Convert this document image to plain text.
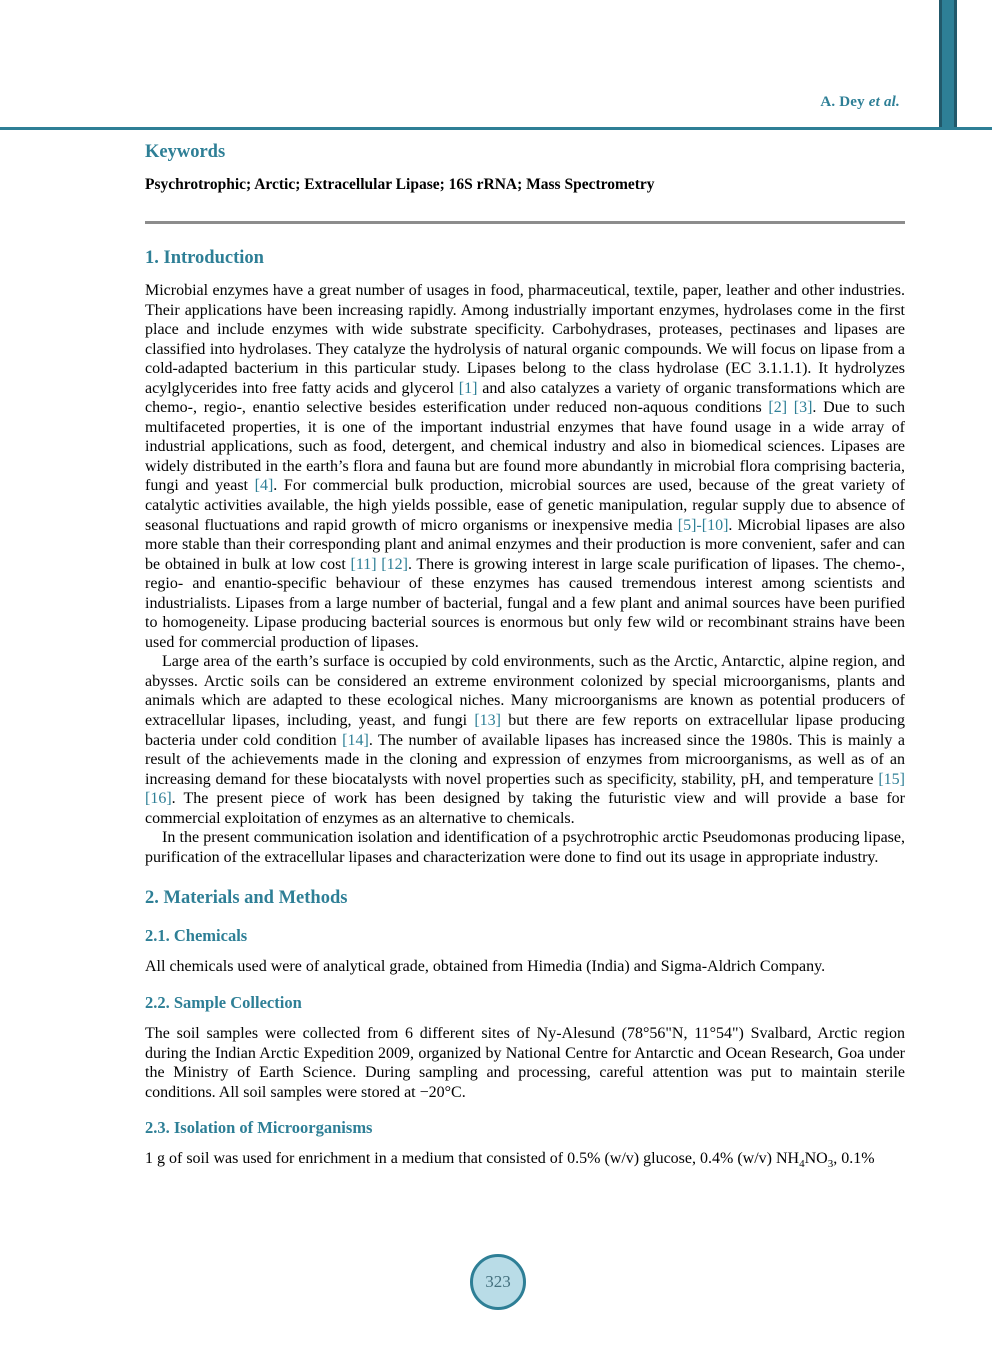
A. Dey et al.
Keywords

Psychrotrophic; Arctic; Extracellular Lipase; 16S rRNA; Mass Spectrometry

1. Introduction

Microbial enzymes have a great number of usages in food, pharmaceutical, textile, paper, leather and other industries. Their applications have been increasing rapidly. Among industrially important enzymes, hydrolases come in the first place and include enzymes with wide substrate specificity. Carbohydrases, proteases, pectinases and lipases are classified into hydrolases. They catalyze the hydrolysis of natural organic compounds. We will focus on lipase from a cold-adapted bacterium in this particular study. Lipases belong to the class hydrolase (EC 3.1.1.1). It hydrolyzes acylglycerides into free fatty acids and glycerol [1] and also catalyzes a variety of organic transformations which are chemo-, regio-, enantio selective besides esterification under reduced non-aquous conditions [2] [3]. Due to such multifaceted properties, it is one of the important industrial enzymes that have found usage in a wide array of industrial applications, such as food, detergent, and chemical industry and also in biomedical sciences. Lipases are widely distributed in the earth’s flora and fauna but are found more abundantly in microbial flora comprising bacteria, fungi and yeast [4]. For commercial bulk production, microbial sources are used, because of the great variety of catalytic activities available, the high yields possible, ease of genetic manipulation, regular supply due to absence of seasonal fluctuations and rapid growth of micro organisms or inexpensive media [5]-[10]. Microbial lipases are also more stable than their corresponding plant and animal enzymes and their production is more convenient, safer and can be obtained in bulk at low cost [11] [12]. There is growing interest in large scale purification of lipases. The chemo-, regio- and enantio-specific behaviour of these enzymes has caused tremendous interest among scientists and industrialists. Lipases from a large number of bacterial, fungal and a few plant and animal sources have been purified to homogeneity. Lipase producing bacterial sources is enormous but only few wild or recombinant strains have been used for commercial production of lipases.

Large area of the earth’s surface is occupied by cold environments, such as the Arctic, Antarctic, alpine region, and abysses. Arctic soils can be considered an extreme environment colonized by special microorganisms, plants and animals which are adapted to these ecological niches. Many microorganisms are known as potential producers of extracellular lipases, including, yeast, and fungi [13] but there are few reports on extracellular lipase producing bacteria under cold condition [14]. The number of available lipases has increased since the 1980s. This is mainly a result of the achievements made in the cloning and expression of enzymes from microorganisms, as well as of an increasing demand for these biocatalysts with novel properties such as specificity, stability, pH, and temperature [15] [16]. The present piece of work has been designed by taking the futuristic view and will provide a base for commercial exploitation of enzymes as an alternative to chemicals.

In the present communication isolation and identification of a psychrotrophic arctic Pseudomonas producing lipase, purification of the extracellular lipases and characterization were done to find out its usage in appropriate industry.

2. Materials and Methods
2.1. Chemicals

All chemicals used were of analytical grade, obtained from Himedia (India) and Sigma-Aldrich Company.

2.2. Sample Collection

The soil samples were collected from 6 different sites of Ny-Alesund (78°56"N, 11°54") Svalbard, Arctic region during the Indian Arctic Expedition 2009, organized by National Centre for Antarctic and Ocean Research, Goa under the Ministry of Earth Science. During sampling and processing, careful attention was put to maintain sterile conditions. All soil samples were stored at −20°C.

2.3. Isolation of Microorganisms

1 g of soil was used for enrichment in a medium that consisted of 0.5% (w/v) glucose, 0.4% (w/v) $NH_4NO_3$, 0.1%

323
